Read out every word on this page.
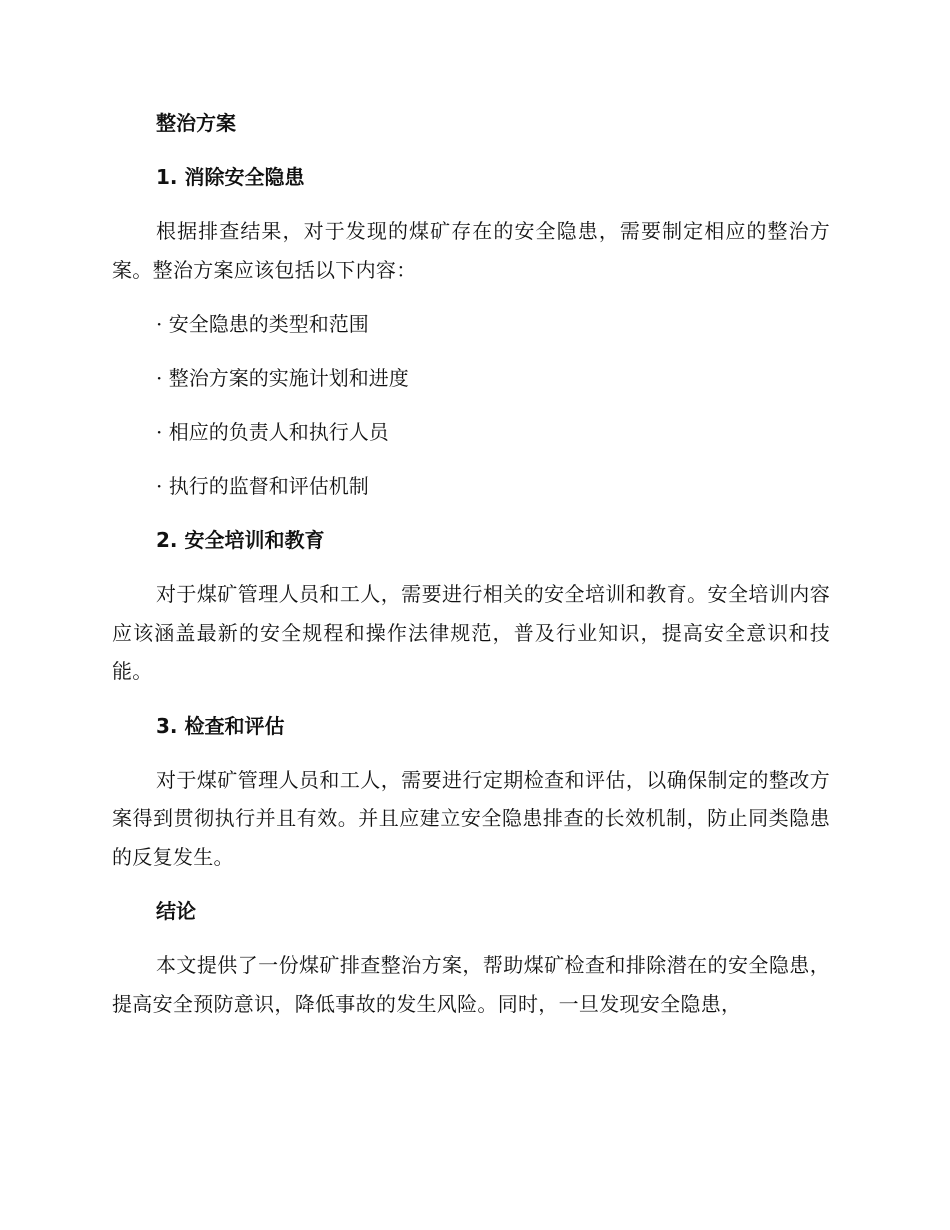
整治方案
1. 消除安全隐患

根据排查结果，对于发现的煤矿存在的安全隐患，需要制定相应的整治方案。整治方案应该包括以下内容：

· 安全隐患的类型和范围
· 整治方案的实施计划和进度
· 相应的负责人和执行人员
· 执行的监督和评估机制
2. 安全培训和教育

对于煤矿管理人员和工人，需要进行相关的安全培训和教育。安全培训内容应该涵盖最新的安全规程和操作法律规范，普及行业知识，提高安全意识和技能。

3. 检查和评估

对于煤矿管理人员和工人，需要进行定期检查和评估，以确保制定的整改方案得到贯彻执行并且有效。并且应建立安全隐患排查的长效机制，防止同类隐患的反复发生。

结论

本文提供了一份煤矿排查整治方案，帮助煤矿检查和排除潜在的安全隐患，提高安全预防意识，降低事故的发生风险。同时，一旦发现安全隐患，
